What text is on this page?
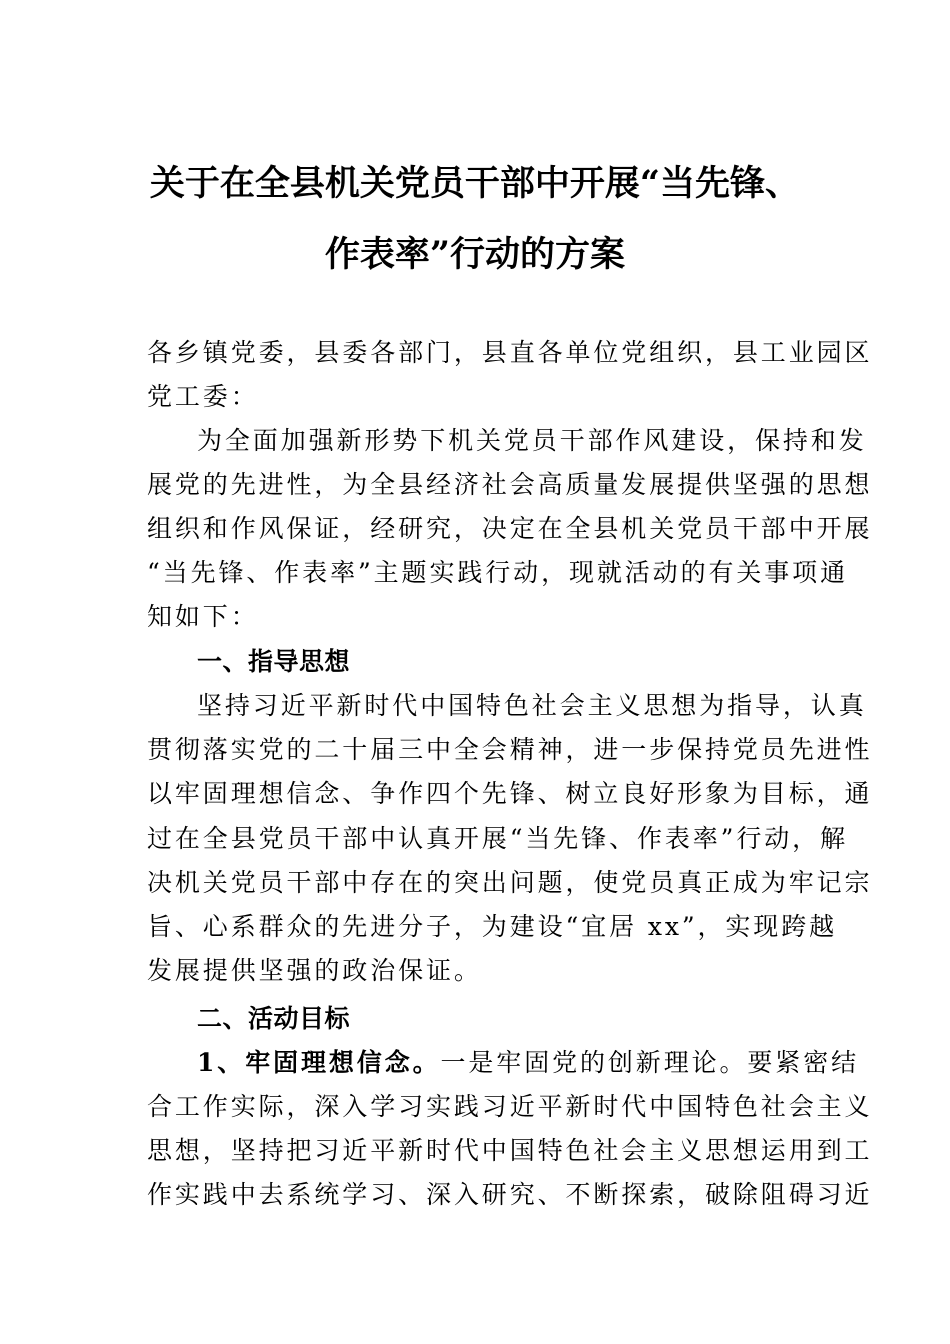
关于在全县机关党员干部中开展“当先锋、
作表率”行动的方案
各乡镇党委，县委各部门，县直各单位党组织，县工业园区
党工委：
为全面加强新形势下机关党员干部作风建设，保持和发
展党的先进性，为全县经济社会高质量发展提供坚强的思想
组织和作风保证，经研究，决定在全县机关党员干部中开展
“当先锋、作表率”主题实践行动，现就活动的有关事项通
知如下：
一、指导思想
坚持习近平新时代中国特色社会主义思想为指导，认真
贯彻落实党的二十届三中全会精神，进一步保持党员先进性
以牢固理想信念、争作四个先锋、树立良好形象为目标，通
过在全县党员干部中认真开展“当先锋、作表率”行动，解
决机关党员干部中存在的突出问题，使党员真正成为牢记宗
旨、心系群众的先进分子，为建设“宜居 xx”，实现跨越
发展提供坚强的政治保证。
二、活动目标
1、牢固理想信念。一是牢固党的创新理论。要紧密结
合工作实际，深入学习实践习近平新时代中国特色社会主义
思想，坚持把习近平新时代中国特色社会主义思想运用到工
作实践中去系统学习、深入研究、不断探索，破除阻碍习近
